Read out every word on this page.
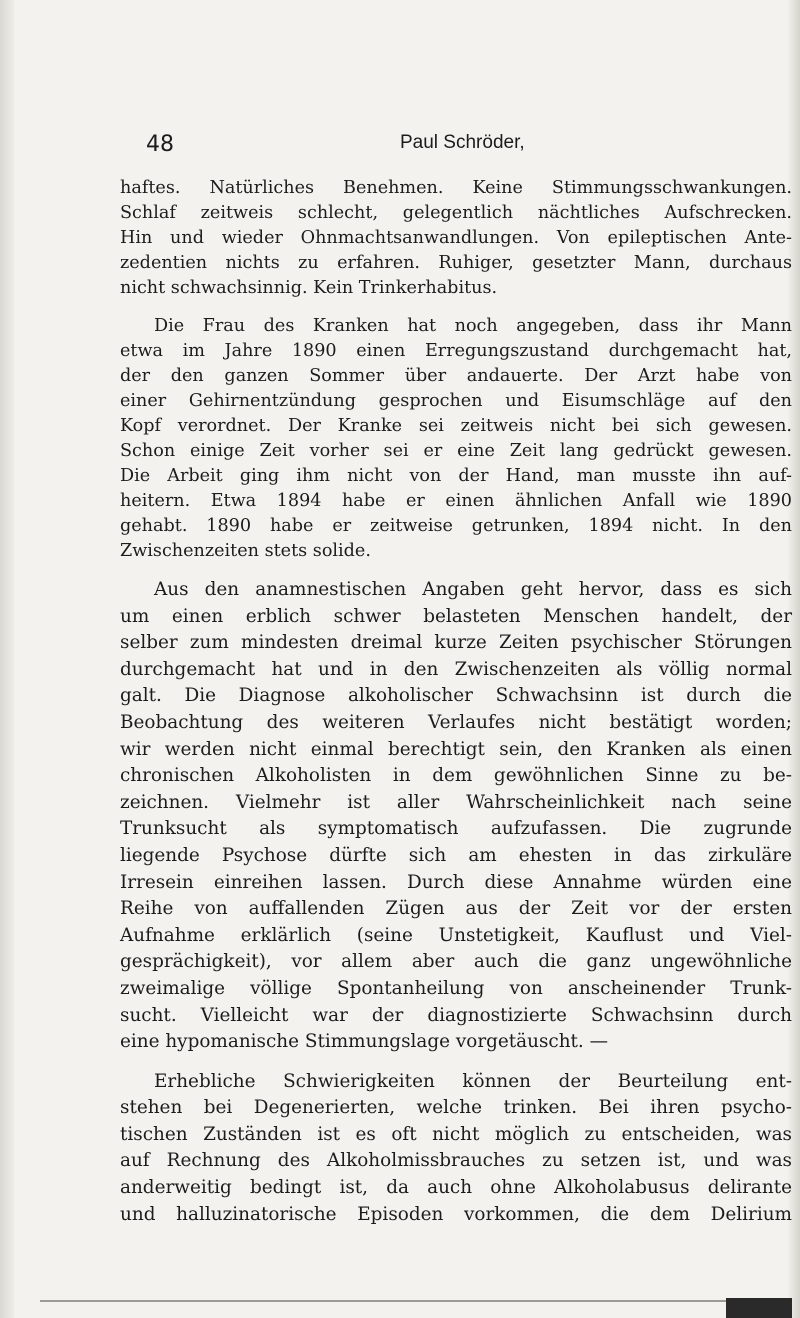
48	Paul Schröder,
haftes. Natürliches Benehmen. Keine Stimmungsschwankungen.
Schlaf zeitweis schlecht, gelegentlich nächtliches Aufschrecken.
Hin und wieder Ohnmachtsanwandlungen. Von epileptischen Ante-
zedentien nichts zu erfahren. Ruhiger, gesetzter Mann, durchaus
nicht schwachsinnig. Kein Trinkerhabitus.
Die Frau des Kranken hat noch angegeben, dass ihr Mann
etwa im Jahre 1890 einen Erregungszustand durchgemacht hat,
der den ganzen Sommer über andauerte. Der Arzt habe von
einer Gehirnentzündung gesprochen und Eisumschläge auf den
Kopf verordnet. Der Kranke sei zeitweis nicht bei sich gewesen.
Schon einige Zeit vorher sei er eine Zeit lang gedrückt gewesen.
Die Arbeit ging ihm nicht von der Hand, man musste ihn auf-
heitern. Etwa 1894 habe er einen ähnlichen Anfall wie 1890
gehabt. 1890 habe er zeitweise getrunken, 1894 nicht. In den
Zwischenzeiten stets solide.
Aus den anamnestischen Angaben geht hervor, dass es sich
um einen erblich schwer belasteten Menschen handelt, der
selber zum mindesten dreimal kurze Zeiten psychischer Störungen
durchgemacht hat und in den Zwischenzeiten als völlig normal
galt. Die Diagnose alkoholischer Schwachsinn ist durch die
Beobachtung des weiteren Verlaufes nicht bestätigt worden;
wir werden nicht einmal berechtigt sein, den Kranken als einen
chronischen Alkoholisten in dem gewöhnlichen Sinne zu be-
zeichnen. Vielmehr ist aller Wahrscheinlichkeit nach seine
Trunksucht als symptomatisch aufzufassen. Die zugrunde
liegende Psychose dürfte sich am ehesten in das zirkuläre
Irresein einreihen lassen. Durch diese Annahme würden eine
Reihe von auffallenden Zügen aus der Zeit vor der ersten
Aufnahme erklärlich (seine Unstetigkeit, Kauflust und Viel-
gesprächigkeit), vor allem aber auch die ganz ungewöhnliche
zweimalige völlige Spontanheilung von anscheinender Trunk-
sucht. Vielleicht war der diagnostizierte Schwachsinn durch
eine hypomanische Stimmungslage vorgetäuscht. —
Erhebliche Schwierigkeiten können der Beurteilung ent-
stehen bei Degenerierten, welche trinken. Bei ihren psycho-
tischen Zuständen ist es oft nicht möglich zu entscheiden, was
auf Rechnung des Alkoholmissbrauches zu setzen ist, und was
anderweitig bedingt ist, da auch ohne Alkoholabusus delirante
und halluzinatorische Episoden vorkommen, die dem Delirium
